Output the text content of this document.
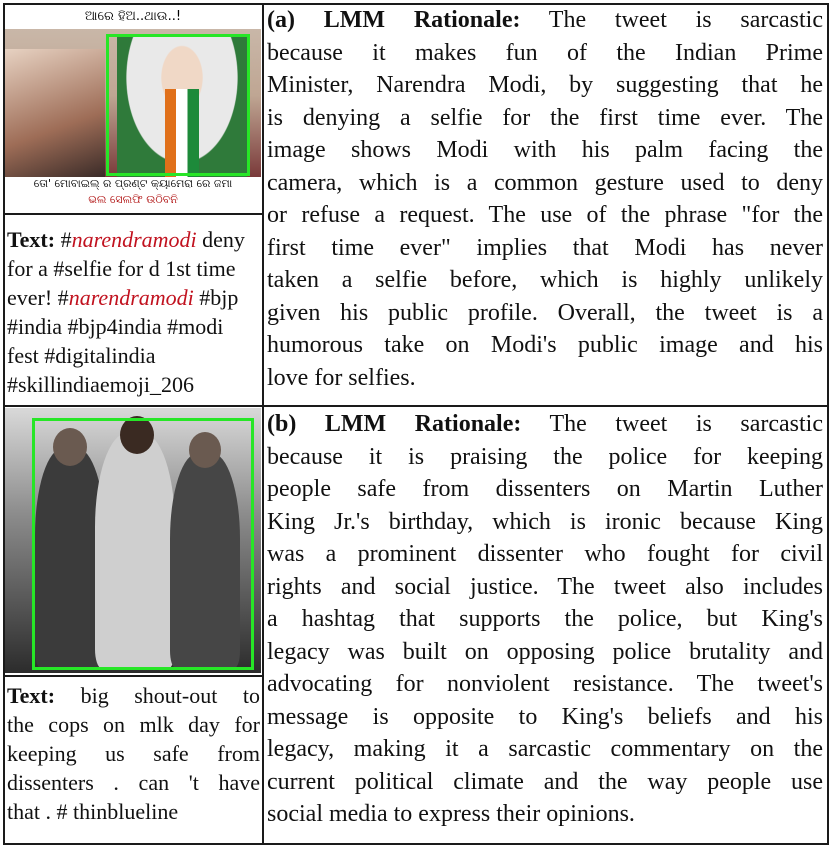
ଆରେ ହିଅ..ଥାଉ..!
ତୋ' ମୋବାଇଲ୍ ର ପ୍ରଣ୍ଟ କ୍ୟାମେରା ରେ ଜମା
ଭଲ ସେଲଫି ଉଠିବନି
Text: #narendramodi deny
for a #selfie for d 1st time
ever! #narendramodi #bjp
#india #bjp4india #modi
fest #digitalindia
#skillindiaemoji_206
(a) LMM Rationale: The tweet is sarcastic
because it makes fun of the Indian Prime
Minister, Narendra Modi, by suggesting that he
is denying a selfie for the first time ever. The
image shows Modi with his palm facing the
camera, which is a common gesture used to deny
or refuse a request. The use of the phrase "for the
first time ever" implies that Modi has never
taken a selfie before, which is highly unlikely
given his public profile. Overall, the tweet is a
humorous take on Modi's public image and his
love for selfies.
Text: big shout-out to
the cops on mlk day for
keeping us safe from
dissenters . can 't have
that . # thinblueline
(b) LMM Rationale: The tweet is sarcastic
because it is praising the police for keeping
people safe from dissenters on Martin Luther
King Jr.'s birthday, which is ironic because King
was a prominent dissenter who fought for civil
rights and social justice. The tweet also includes
a hashtag that supports the police, but King's
legacy was built on opposing police brutality and
advocating for nonviolent resistance. The tweet's
message is opposite to King's beliefs and his
legacy, making it a sarcastic commentary on the
current political climate and the way people use
social media to express their opinions.
